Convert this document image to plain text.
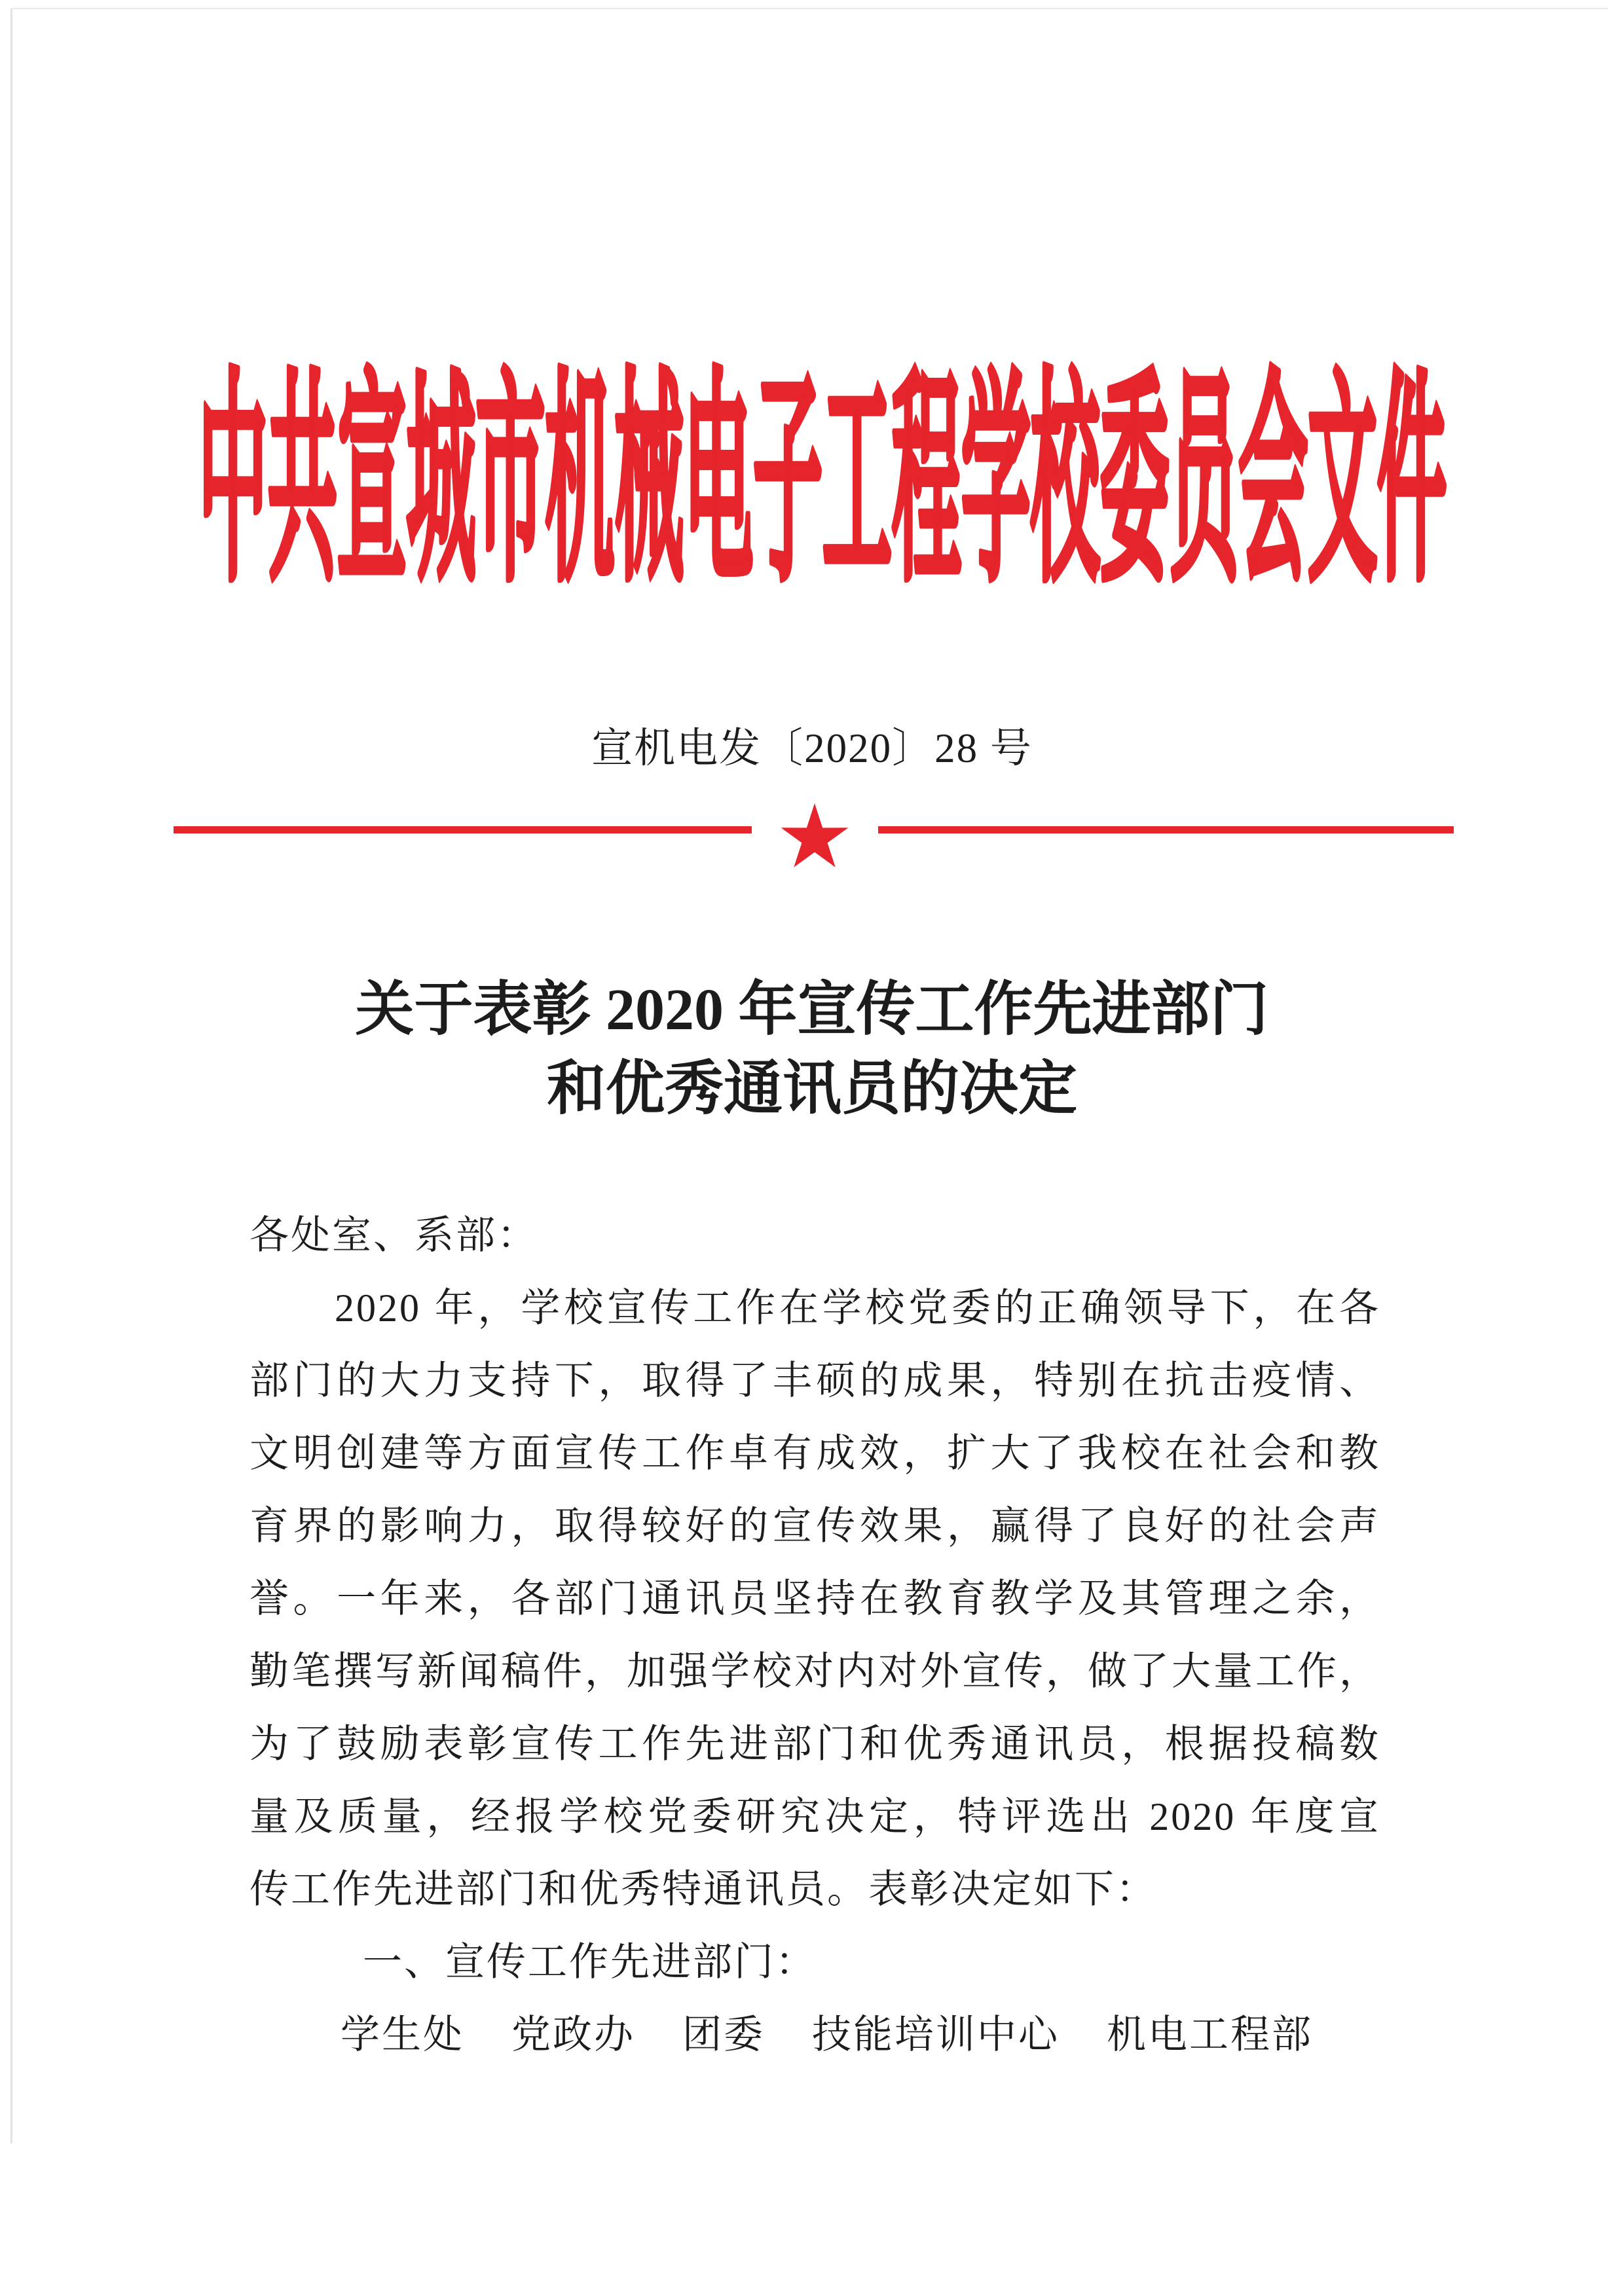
中共宣城市机械电子工程学校委员会文件
宣机电发〔2020〕28 号
关于表彰 2020 年宣传工作先进部门
和优秀通讯员的决定
各处室、系部：
2020 年，学校宣传工作在学校党委的正确领导下，在各
部门的大力支持下，取得了丰硕的成果，特别在抗击疫情、
文明创建等方面宣传工作卓有成效，扩大了我校在社会和教
育界的影响力，取得较好的宣传效果，赢得了良好的社会声
誉。一年来，各部门通讯员坚持在教育教学及其管理之余，
勤笔撰写新闻稿件，加强学校对内对外宣传，做了大量工作，
为了鼓励表彰宣传工作先进部门和优秀通讯员，根据投稿数
量及质量，经报学校党委研究决定，特评选出 2020 年度宣
传工作先进部门和优秀特通讯员。表彰决定如下：
一、宣传工作先进部门：
学生处 党政办 团委 技能培训中心 机电工程部
